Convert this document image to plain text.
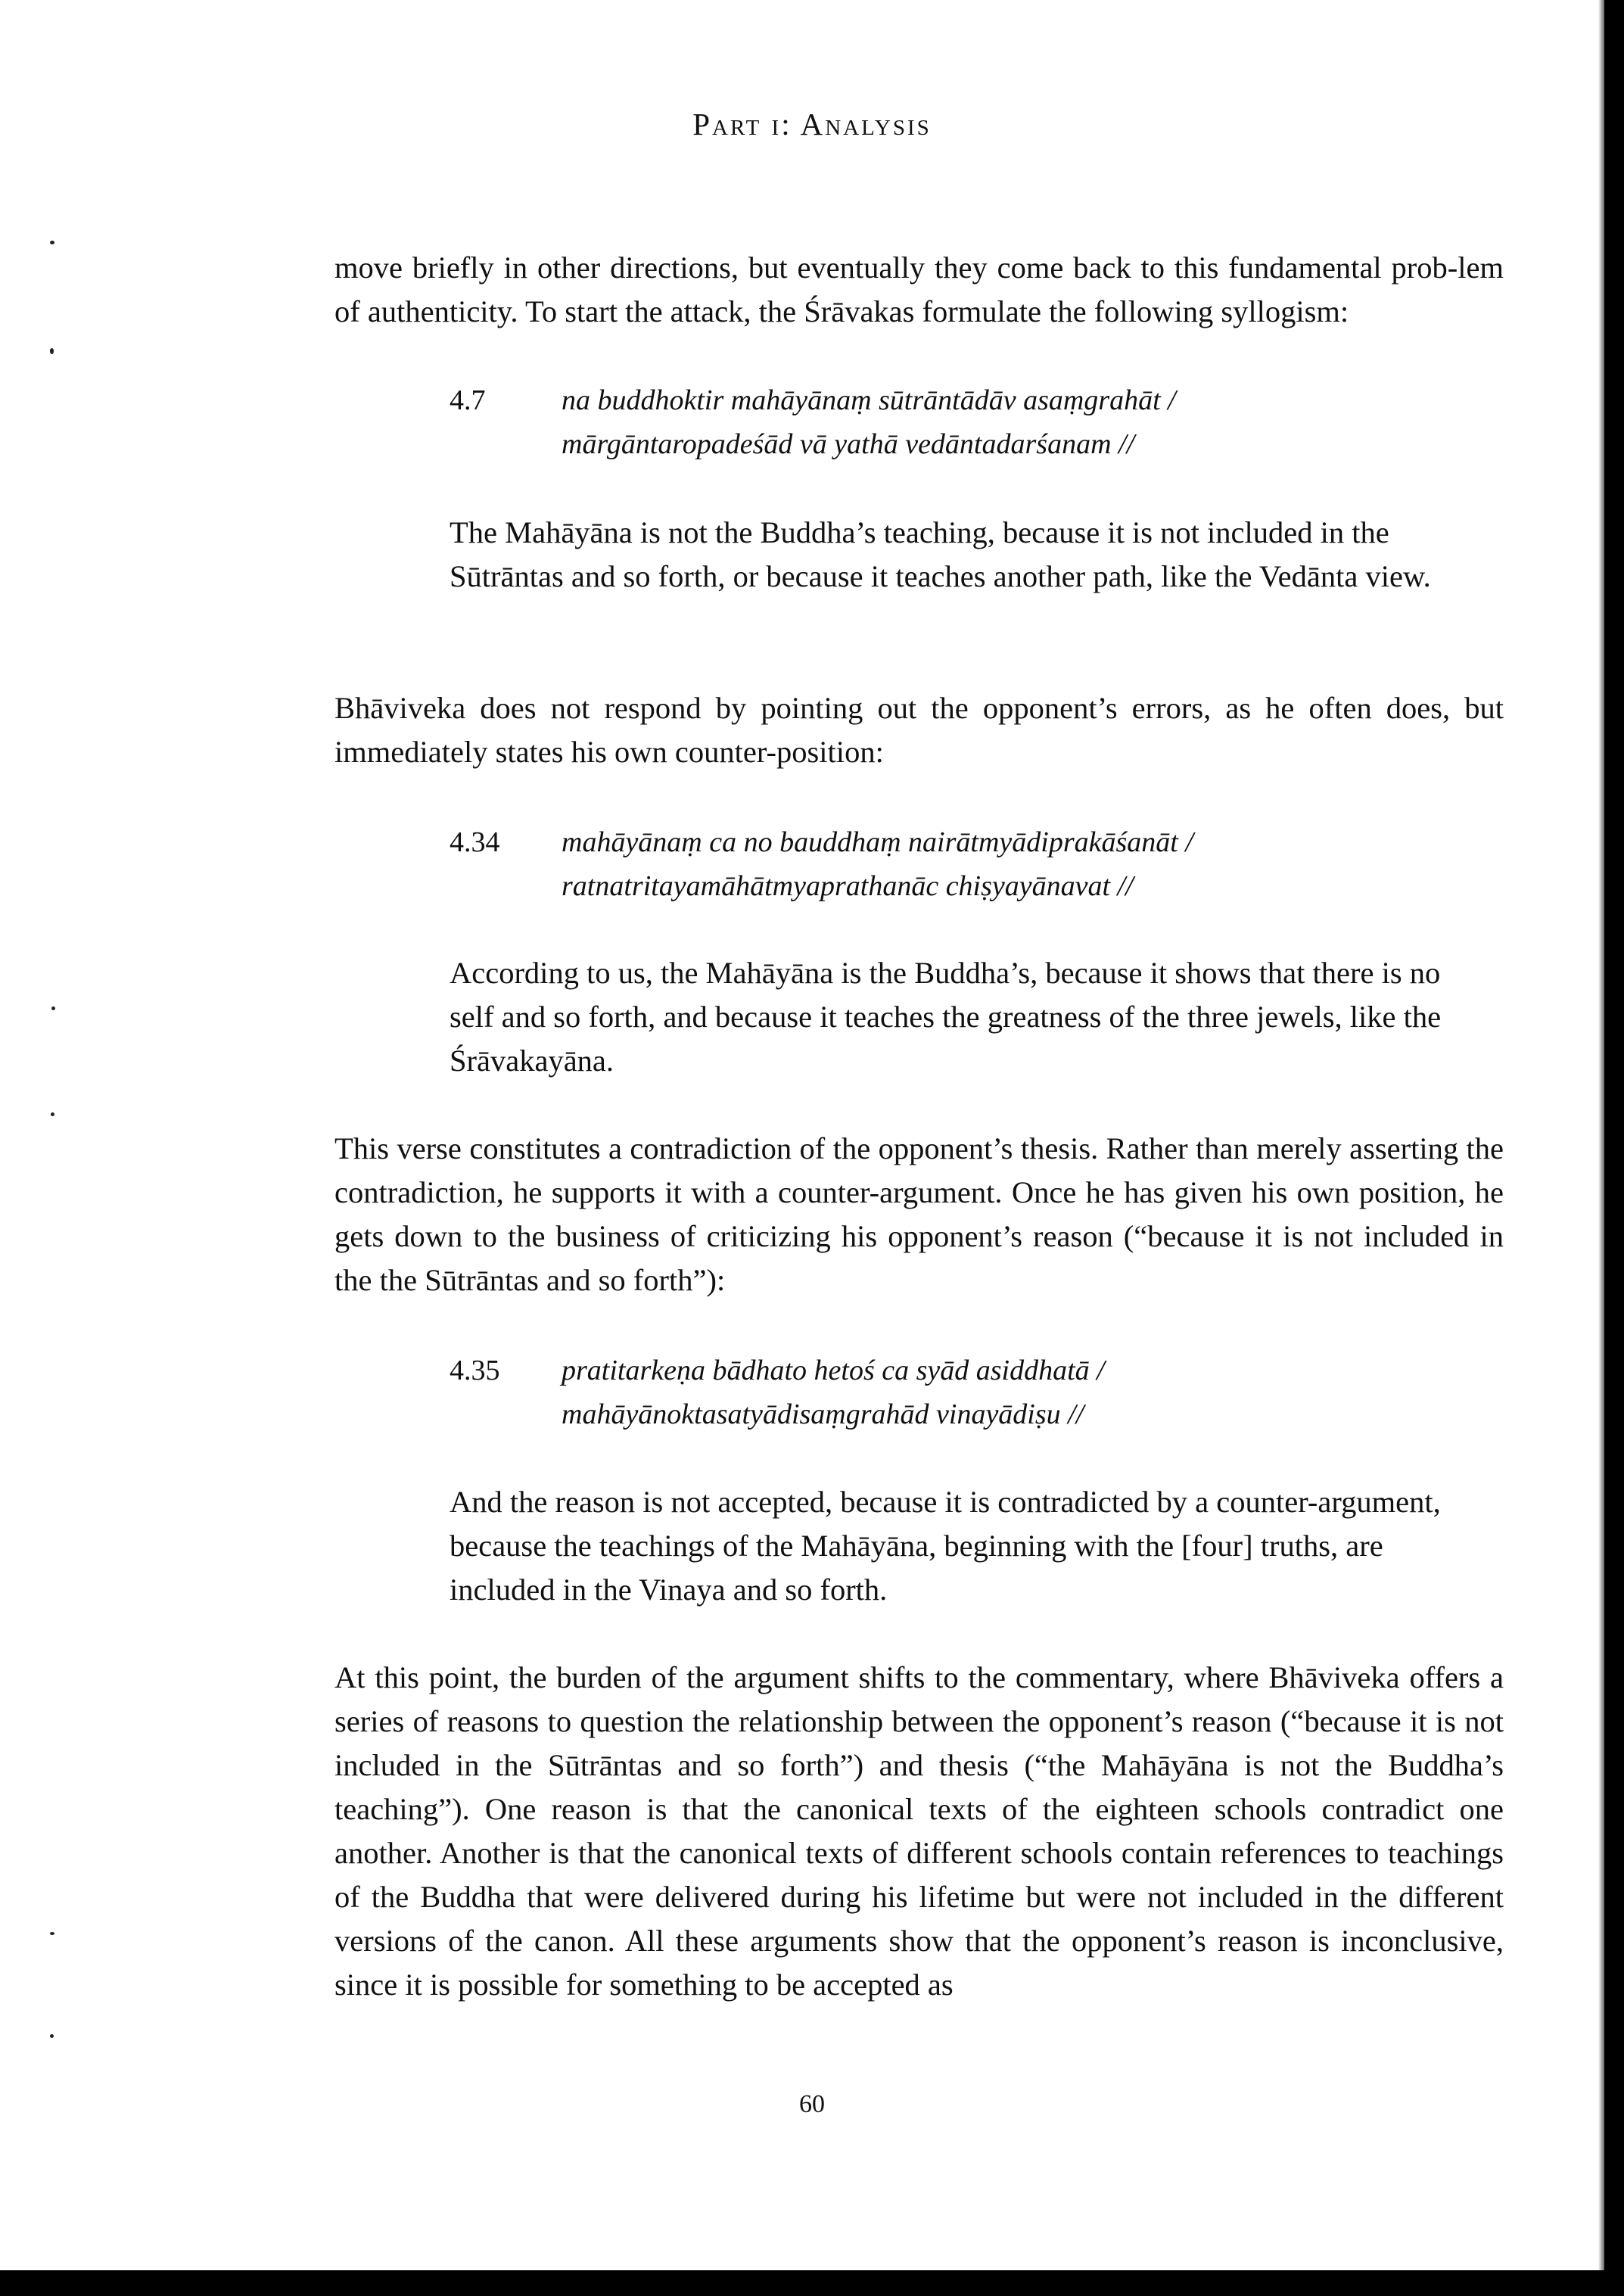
Part i: Analysis

move briefly in other directions, but eventually they come back to this fundamental prob-lem of authenticity. To start the attack, the Śrāvakas formulate the following syllogism:

4.7	na buddhoktir mahāyānaṃ sūtrāntādāv asaṃgrahāt /
mārgāntaropadeśād vā yathā vedāntadarśanam //

The Mahāyāna is not the Buddha’s teaching, because it is not included in the Sūtrāntas and so forth, or because it teaches another path, like the Vedānta view.

Bhāviveka does not respond by pointing out the opponent’s errors, as he often does, but immediately states his own counter-position:

4.34 mahāyānaṃ ca no bauddhaṃ nairātmyādiprakāśanāt /
ratnatritayamāhātmyaprathanāc chiṣyayānavat //

According to us, the Mahāyāna is the Buddha’s, because it shows that there is no self and so forth, and because it teaches the greatness of the three jewels, like the Śrāvakayāna.

This verse constitutes a contradiction of the opponent’s thesis. Rather than merely asserting the contradiction, he supports it with a counter-argument. Once he has given his own position, he gets down to the business of criticizing his opponent’s reason (“because it is not included in the the Sūtrāntas and so forth”):

4.35 pratitarkeṇa bādhato hetoś ca syād asiddhatā /
mahāyānoktasatyādisaṃgrahād vinayādiṣu //

And the reason is not accepted, because it is contradicted by a counter-argument, because the teachings of the Mahāyāna, beginning with the [four] truths, are included in the Vinaya and so forth.

At this point, the burden of the argument shifts to the commentary, where Bhāviveka offers a series of reasons to question the relationship between the opponent’s reason (“because it is not included in the Sūtrāntas and so forth”) and thesis (“the Mahāyāna is not the Buddha’s teaching”). One reason is that the canonical texts of the eighteen schools contradict one another. Another is that the canonical texts of different schools contain references to teachings of the Buddha that were delivered during his lifetime but were not included in the different versions of the canon. All these arguments show that the opponent’s reason is inconclusive, since it is possible for something to be accepted as

60
